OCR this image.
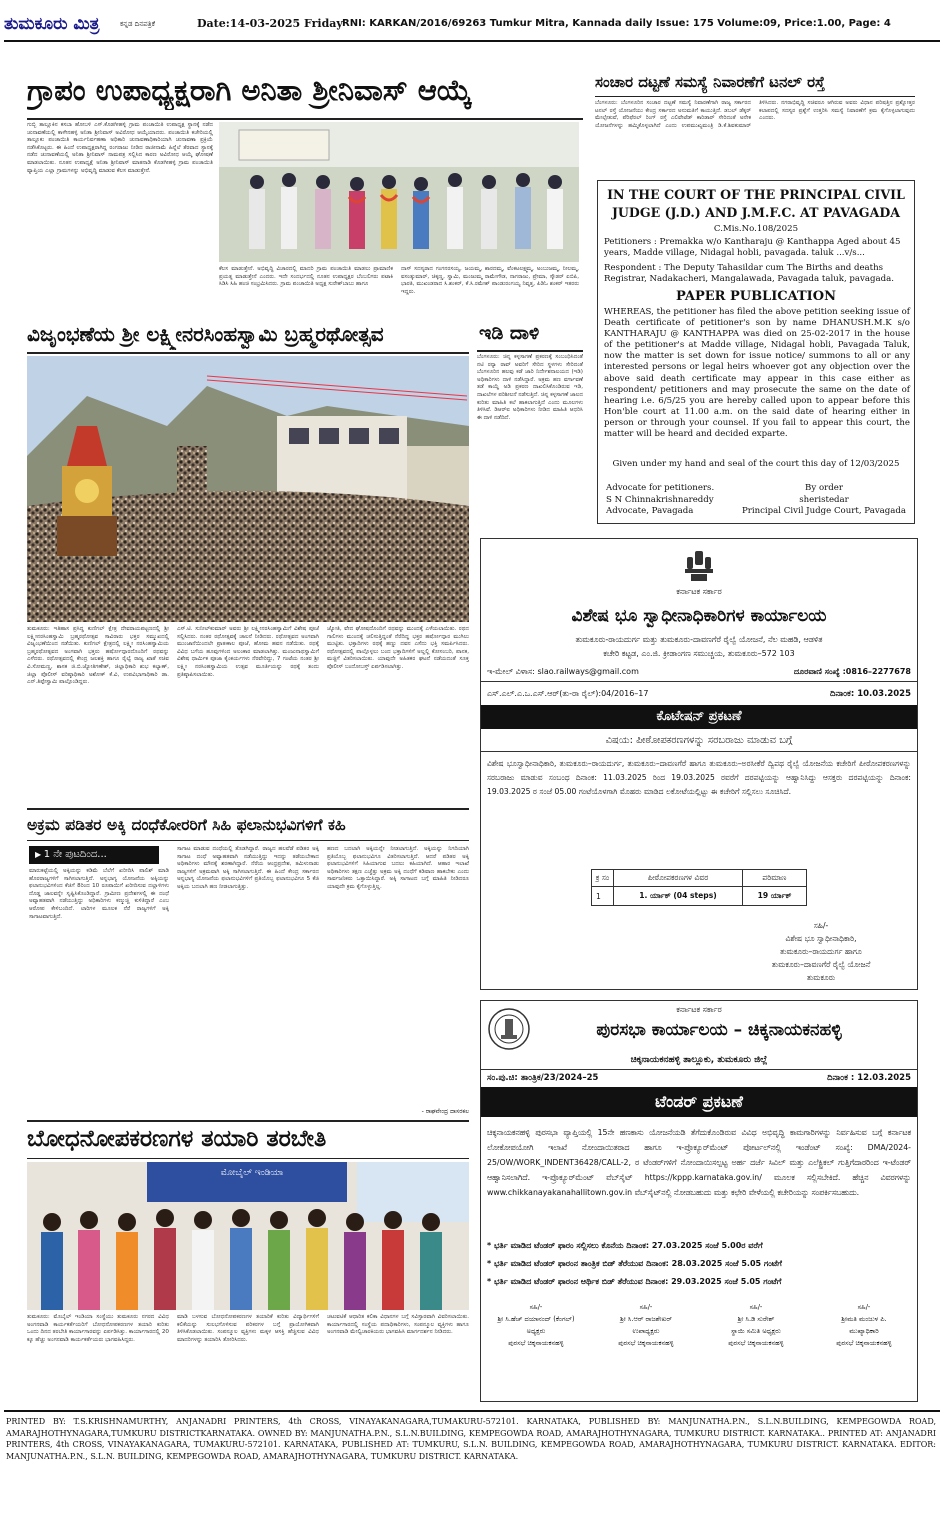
ತುಮಕೂರು ಮಿತ್ರ	ಕನ್ನಡ ದಿನಪತ್ರಿಕೆ	Date:14-03-2025 Friday RNI: KARKAN/2016/69263 Tumkur Mitra, Kannada daily Issue: 175 Volume:09, Price:1.00, Page: 4
ಗ್ರಾಪಂ ಉಪಾಧ್ಯಕ್ಷರಾಗಿ ಅನಿತಾ ಶ್ರೀನಿವಾಸ್ ಆಯ್ಕೆ
ಗುಬ್ಬಿ ತಾಲ್ಲೂಕಿನ ಕಸಬಾ ಹೋಬಳಿ ಎಸ್.ಕೊಡಗೀಹಳ್ಳಿ ಗ್ರಾಮ ಪಂಚಾಯಿತಿ ಉಪಾಧ್ಯಕ್ಷ ಸ್ಥಾನಕ್ಕೆ ನಡೆದ ಚುನಾವಣೆಯಲ್ಲಿ ಕಾಳೇನಹಳ್ಳಿ ಅನಿತಾ ಶ್ರೀನಿವಾಸ್ ಅವಿರೋಧ ಆಯ್ಕೆಯಾದರು. ಪಂಚಾಯಿತಿ ಕಚೇರಿಯಲ್ಲಿ ತಾಲ್ಲೂಕು ಪಂಚಾಯಿತಿ ಕಾರ್ಯನಿರ್ವಹಣಾ ಅಧಿಕಾರಿ ಚುನಾವಣಾಧಿಕಾರಿಯಾಗಿ ಚುನಾವಣಾ ಪ್ರಕ್ರಿಯೆ ನಡೆಸಿಕೊಟ್ಟರು. ಈ ಹಿಂದೆ ಉಪಾಧ್ಯಕ್ಷರಾಗಿದ್ದ ರಂಗರಾಜು ನೀಡಿದ ರಾಜೀನಾಮೆ ಹಿನ್ನೆಲೆ ತೆರವಾದ ಸ್ಥಾನಕ್ಕೆ ನಡೆದ ಚುನಾವಣೆಯಲ್ಲಿ ಅನಿತಾ ಶ್ರೀನಿವಾಸ್ ನಾಮಪತ್ರ ಸಲ್ಲಿಸಿದ ಕಾರಣ ಅವಿರೋಧ ಆಯ್ಕೆ ಘೋಷಣೆ ಮಾಡಲಾಯಿತು. ನೂತನ ಉಪಾಧ್ಯಕ್ಷೆ ಅನಿತಾ ಶ್ರೀನಿವಾಸ್ ಮಾತನಾಡಿ ಕೊಡಗೀಹಳ್ಳಿ ಗ್ರಾಮ ಪಂಚಾಯಿತಿ ವ್ಯಾಪ್ತಿಯ ಎಲ್ಲಾ ಗ್ರಾಮಗಳನ್ನು ಅಭಿವೃದ್ಧಿ ಮಾಡುವ ಕೆಲಸ ಮಾಡುತ್ತೇನೆ.
ಕೆಲಸ ಮಾಡುತ್ತೇನೆ. ಅಭಿವೃದ್ಧಿ ವಿಚಾರದಲ್ಲಿ ಮಾದರಿ ಗ್ರಾಮ ಪಂಚಾಯಿತಿ ಮಾಡಲು ಪ್ರಾಮಾಣಿಕ ಪ್ರಯತ್ನ ಮಾಡುತ್ತೇನೆ ಎಂದರು. ಇದೇ ಸಂದರ್ಭದಲ್ಲಿ ನೂತನ ಉಪಾಧ್ಯಕ್ಷರ ಬೆಂಬಲಿಗರು ಪಟಾಕಿ ಸಿಡಿಸಿ ಸಿಹಿ ಹಂಚಿ ಸಂಭ್ರಮಿಸಿದರು. ಗ್ರಾಮ ಪಂಚಾಯಿತಿ ಅಧ್ಯಕ್ಷ ಸುರೇಶ್‌ಬಾಬು ಹಾಗೂ
ದಾಸ್ ಸದಸ್ಯರಾದ ಗಂಗನರಸಯ್ಯ, ಜಯಮ್ಮ, ಶಾರದಮ್ಮ, ವೆಂಕಟಲಕ್ಷ್ಮಮ್ಮ, ಅಂಬುಜಮ್ಮ, ನೀಲಮ್ಮ, ವಸಂತ್ಕುಮಾರ್, ಚಿಕ್ಕಣ್ಣ, ಸ್ವಾಮಿ, ಮಂಜುಮ್ಮ ರಾಮೇಗೌಡ, ನಾಗರಾಜು, ಪ್ರೇಮಾ, ಸ್ಕೌಡರ್ ಏಬಿಪಿ, ಭಾರತಿ, ಮುಖಂಡರಾದ ಸಿ.ಶಂಕರ್, ಕೆ.ಸಿ.ರಮೇಶ್ ಪಾಂಡುರಂಗಯ್ಯ ನಿವೃತ್ತ, ಪಿಡಿಓ ಶಂಕರ್ ಇತರರು ಇದ್ದರು.
ಸಂಚಾರ ದಟ್ಟಣೆ ಸಮಸ್ಯೆ ನಿವಾರಣೆಗೆ ಟನಲ್ ರಸ್ತೆ
ಬೆಂಗಳೂರು: ಬೆಂಗಳೂರಿನ ಸಂಚಾರ ದಟ್ಟಣೆ ಸಮಸ್ಯೆ ನಿವಾರಣೆಗಾಗಿ ರಾಜ್ಯ ಸರ್ಕಾರದ ಟನಲ್ ರಸ್ತೆ ಯೋಜನೆಯು ಕೇಂದ್ರ ಸರ್ಕಾರದ ಅನುಮತಿಗೆ ಕಾಯುತ್ತಿದೆ. ಡಬಲ್ ಡೆಕ್ಕರ್ ಮೇಲ್ಸೇತುವೆ, ಪೆರಿಫೆರಲ್ ರಿಂಗ್ ರಸ್ತೆ ಎಲಿವೇಟೆಡ್ ಕಾರಿಡಾರ್ ಸೇರಿದಂತೆ ಅನೇಕ ಯೋಜನೆಗಳನ್ನು ಹಮ್ಮಿಕೊಳ್ಳಲಾಗಿದೆ ಎಂದು ಉಪಮುಖ್ಯಮಂತ್ರಿ ಡಿ.ಕೆ.ಶಿವಕುಮಾರ್ ತಿಳಿಸಿದರು. ನಗರಾಭಿವೃದ್ಧಿ ಸಚಿವರೂ ಆಗಿರುವ ಅವರು ವಿಧಾನ ಪರಿಷತ್ತಿನ ಪ್ರಶ್ನೋತ್ತರ ಕಲಾಪದಲ್ಲಿ ಸದಸ್ಯರ ಪ್ರಶ್ನೆಗೆ ಉತ್ತರಿಸಿ ಸಮಸ್ಯೆ ನಿವಾರಣೆಗೆ ಕ್ರಮ ಕೈಗೊಳ್ಳಲಾಗುವುದು ಎಂದರು.
IN THE COURT OF THE PRINCIPAL CIVIL
JUDGE (J.D.) AND J.M.F.C. AT PAVAGADA
C.Mis.No.108/2025
Petitioners : Premakka w/o Kantharaju @ Kanthappa Aged about 45 years, Madde village, Nidagal hobli, pavagada. taluk ...v/s...
Respondent : The Deputy Tahasildar cum The Births and deaths Registrar, Nadakacheri, Mangalawada, Pavagada taluk, pavagada.
PAPER PUBLICATION
WHEREAS, the petitioner has filed the above petition seeking issue of Death certificate of petitioner's son by name DHANUSH.M.K s/o KANTHARAJU @ KANTHAPPA was died on 25-02-2017 in the house of the petitioner's at Madde village, Nidagal hobli, Pavagada Taluk, now the matter is set down for issue notice/ summons to all or any interested persons or legal heirs whoever got any objection over the above said death certificate may appear in this case either as respondent/ petitioners and may prosecute the same on the date of hearing i.e. 6/5/25 you are hereby called upon to appear before this Hon'ble court at 11.00 a.m. on the said date of hearing either in person or through your counsel. If you fail to appear this court, the matter will be heard and decided exparte.
Given under my hand and seal of the court this day of 12/03/2025
Advocate for petitioners.
S N Chinnakrishnareddy
Advocate, Pavagada
By order
sheristedar
Principal Civil Judge Court, Pavagada
ವಿಜೃಂಭಣೆಯ ಶ್ರೀ ಲಕ್ಷ್ಮೀನರಸಿಂಹಸ್ವಾಮಿ ಬ್ರಹ್ಮರಥೋತ್ಸವ
ತುಮಕೂರು: ಇತಿಹಾಸ ಪ್ರಸಿದ್ಧ ಕುಣಿಗಲ್ ಕ್ಷೇತ್ರ ದೇವರಾಯಪಟ್ಟಣದಲ್ಲಿ ಶ್ರೀ ಲಕ್ಷ್ಮೀನರಸಿಂಹಸ್ವಾಮಿ ಬ್ರಹ್ಮರಥೋತ್ಸವ ಸಾವಿರಾರು ಭಕ್ತರ ಸಮ್ಮುಖದಲ್ಲಿ ವಿಜೃಂಭಣೆಯಿಂದ ನಡೆಯಿತು. ಕುಣಿಗಲ್ ಕ್ಷೇತ್ರದಲ್ಲಿ ಲಕ್ಷ್ಮೀ ನರಸಿಂಹಸ್ವಾಮಿಯ ಬ್ರಹ್ಮರಥೋತ್ಸವದ ಅಂಗವಾಗಿ ಭಕ್ತರು ಹರ್ಷೋದ್ಗಾರದೊಂದಿಗೆ ರಥವನ್ನು ಎಳೆದರು. ರಥೋತ್ಸವದಲ್ಲಿ ಕೇಂದ್ರ ಜಲಶಕ್ತಿ ಹಾಗೂ ರೈಲ್ವೆ ರಾಜ್ಯ ಖಾತೆ ಸಚಿವ ವಿ.ಸೋಮಣ್ಣ, ಶಾಸಕ ಜಿ.ಬಿ.ಜ್ಯೋತಿಗಣೇಶ್, ಜಿಲ್ಲಾಧಿಕಾರಿ ಶುಭ ಕಲ್ಯಾಣ್, ಜಿಲ್ಲಾ ಪೊಲೀಸ್ ವರಿಷ್ಠಾಧಿಕಾರಿ ಅಶೋಕ್ ಕೆ.ವಿ, ಉಪವಿಭಾಗಾಧಿಕಾರಿ ಡಾ. ಎನ್.ತಿಪ್ಪೇಸ್ವಾಮಿ ಪಾಲ್ಗೊಂಡಿದ್ದರು.
ಎಸ್.ಟಿ. ಸುನೀಲ್‌ಕುಮಾರ್ ಅವರು ಶ್ರೀ ಲಕ್ಷ್ಮೀನರಸಿಂಹಸ್ವಾಮಿಗೆ ವಿಶೇಷ ಪೂಜೆ ಸಲ್ಲಿಸಿದರು. ನಂತರ ರಥೋತ್ಸವಕ್ಕೆ ಚಾಲನೆ ನೀಡಿದರು. ರಥೋತ್ಸವದ ಅಂಗವಾಗಿ ಮುಂಜಾನೆಯಿಂದಲೇ ಪ್ರಾತಃಕಾಲ ಪೂಜೆ, ಹೋಮ ಹವನ ನಡೆಯಿತು. ರಥಕ್ಕೆ ವಿವಿಧ ಬಗೆಯ ಹೂವುಗಳಿಂದ ಅಲಂಕಾರ ಮಾಡಲಾಗಿತ್ತು. ಮಂಜುನಾಥಸ್ವಾಮಿಗೆ ವಿಶೇಷ ಧಾರ್ಮಿಕ ಪೂಜಾ ಕೈಂಕರ್ಯಗಳು ನೆರವೇರಿದ್ದು, 7 ಗಂಟೆಯ ನಂತರ ಶ್ರೀ ಲಕ್ಷ್ಮೀ ನರಸಿಂಹಸ್ವಾಮಿಯ ಉತ್ಸವ ಮೂರ್ತಿಯನ್ನು ರಥಕ್ಕೆ ತಂದು ಪ್ರತಿಷ್ಠಾಪಿಸಲಾಯಿತು.
ಜ್ಯೋತಿ, ವೇದ ಘೋಷದೊಂದಿಗೆ ರಥವನ್ನು ಮುಂದಕ್ಕೆ ಎಳೆಯಲಾಯಿತು. ರಥದ ಗಾಲಿಗಳು ಮುಂದಕ್ಕೆ ಚಲಿಸುತ್ತಿದ್ದಂತೆ ನೆರೆದಿದ್ದ ಭಕ್ತರ ಹರ್ಷೋದ್ಗಾರ ಮುಗಿಲು ಮುಟ್ಟಿತು. ಭಕ್ತಾದಿಗಳು ರಥಕ್ಕೆ ಹಣ್ಣು ದವನ ಎಸೆದು ಭಕ್ತಿ ಸಮರ್ಪಿಸಿದರು. ರಥೋತ್ಸವದಲ್ಲಿ ಪಾಲ್ಗೊಳ್ಳಲು ಬಂದ ಭಕ್ತಾದಿಗಳಿಗೆ ಅಲ್ಲಲ್ಲಿ ಕೋಸಂಬರಿ, ಪಾನಕ, ಮಜ್ಜಿಗೆ ವಿತರಿಸಲಾಯಿತು. ಯಾವುದೇ ಅಹಿತಕರ ಘಟನೆ ನಡೆಯದಂತೆ ಸೂಕ್ತ ಪೊಲೀಸ್ ಬಂದೋಬಸ್ತ್ ಏರ್ಪಡಿಸಲಾಗಿತ್ತು.
ಇಡಿ ದಾಳಿ
ಬೆಂಗಳೂರು: ಚಿನ್ನ ಕಳ್ಳಸಾಗಣೆ ಪ್ರಕರಣಕ್ಕೆ ಸಂಬಂಧಿಸಿದಂತೆ ನಟಿ ರನ್ಯಾ ರಾವ್ ಅವರಿಗೆ ಸೇರಿದ ಸ್ಥಳಗಳು ಸೇರಿದಂತೆ ಬೆಂಗಳೂರಿನ ಹಲವು ಕಡೆ ಜಾರಿ ನಿರ್ದೇಶನಾಲಯದ (ಇಡಿ) ಅಧಿಕಾರಿಗಳು ದಾಳಿ ನಡೆಸಿದ್ದಾರೆ. ಅಕ್ರಮ ಹಣ ವರ್ಗಾವಣೆ ತಡೆ ಕಾಯ್ದೆ ಅಡಿ ಪ್ರಕರಣ ದಾಖಲಿಸಿಕೊಂಡಿರುವ ಇಡಿ, ದಾಖಲೆಗಳ ಪರಿಶೀಲನೆ ನಡೆಸುತ್ತಿದೆ. ಚಿನ್ನ ಕಳ್ಳಸಾಗಣೆ ಜಾಲದ ಕುರಿತು ಮಾಹಿತಿ ಕಲೆ ಹಾಕಲಾಗುತ್ತಿದೆ ಎಂದು ಮೂಲಗಳು ತಿಳಿಸಿವೆ. ಡಿಆರ್‌ಐ ಅಧಿಕಾರಿಗಳು ನೀಡಿದ ಮಾಹಿತಿ ಆಧರಿಸಿ ಈ ದಾಳಿ ನಡೆದಿದೆ.
ಅಕ್ರಮ ಪಡಿತರ ಅಕ್ಕಿ ದಂಧೆಕೋರರಿಗೆ ಸಿಹಿ ಫಲಾನುಭವಿಗಳಿಗೆ ಕಹಿ
▶ 1 ನೇ ಪುಟದಿಂದ...
ಮಾರುಕಟ್ಟೆಯಲ್ಲಿ ಅಕ್ಕಿಯನ್ನು ಕಡಿಮೆ ಬೆಲೆಗೆ ಖರೀದಿಸಿ ಪಾಲಿಶ್ ಮಾಡಿ ಹೊರರಾಜ್ಯಗಳಿಗೆ ಸಾಗಿಸಲಾಗುತ್ತಿದೆ. ಅನ್ನಭಾಗ್ಯ ಯೋಜನೆಯ ಅಕ್ಕಿಯನ್ನು ಫಲಾನುಭವಿಗಳಿಂದ ಕೆಜಿಗೆ 8ರಿಂದ 10 ರೂಪಾಯಿಗೆ ಖರೀದಿಸುವ ದಲ್ಲಾಳಿಗಳು ದೊಡ್ಡ ಜಾಲವನ್ನೇ ಸೃಷ್ಟಿಸಿಕೊಂಡಿದ್ದಾರೆ. ಗ್ರಾಮೀಣ ಪ್ರದೇಶಗಳಲ್ಲಿ ಈ ದಂಧೆ ಅವ್ಯಾಹತವಾಗಿ ನಡೆಯುತ್ತಿದ್ದು ಅಧಿಕಾರಿಗಳು ಕಣ್ಮುಚ್ಚಿ ಕುಳಿತಿದ್ದಾರೆ ಎಂಬ ಆರೋಪ ಕೇಳಿಬಂದಿದೆ. ಲಾರಿಗಳ ಮೂಲಕ ನೆರೆ ರಾಜ್ಯಗಳಿಗೆ ಅಕ್ಕಿ ಸಾಗಾಟವಾಗುತ್ತಿದೆ.
ಸಾಗಾಟ ಮಾಡುವ ದಂಧೆಯಲ್ಲಿ ತೊಡಗಿದ್ದಾರೆ. ರಾಜ್ಯದ ಹಲವೆಡೆ ಪಡಿತರ ಅಕ್ಕಿ ಸಾಗಾಟ ದಂಧೆ ಅವ್ಯಾಹತವಾಗಿ ನಡೆಯುತ್ತಿದ್ದು ಇದನ್ನು ತಡೆಯಬೇಕಾದ ಅಧಿಕಾರಿಗಳು ಮೌನಕ್ಕೆ ಶರಣಾಗಿದ್ದಾರೆ. ನೆರೆಯ ಆಂಧ್ರಪ್ರದೇಶ, ತಮಿಳುನಾಡು ರಾಜ್ಯಗಳಿಗೆ ಅಕ್ರಮವಾಗಿ ಅಕ್ಕಿ ಸಾಗಿಸಲಾಗುತ್ತಿದೆ. ಈ ಹಿಂದೆ ಕೇಂದ್ರ ಸರ್ಕಾರದ ಅನ್ನಭಾಗ್ಯ ಯೋಜನೆಯ ಫಲಾನುಭವಿಗಳಿಗೆ ಪ್ರತಿಯೊಬ್ಬ ಫಲಾನುಭವಿಗೂ 5 ಕೆಜಿ ಅಕ್ಕಿಯ ಬದಲಾಗಿ ಹಣ ನೀಡಲಾಗುತ್ತಿತ್ತು.
ಹಣದ ಬದಲಾಗಿ ಅಕ್ಕಿಯನ್ನೇ ನೀಡಲಾಗುತ್ತಿದೆ. ಅಕ್ಕಿಯನ್ನು ನಿಗದಿಯಾಗಿ ಪ್ರತಿಯೊಬ್ಬ ಫಲಾನುಭವಿಗೂ ವಿತರಿಸಲಾಗುತ್ತಿದೆ. ಆದರೆ ಪಡಿತರ ಅಕ್ಕಿ ಫಲಾನುಭವಿಗಳಿಗೆ ಸಿಹಿಯಾಗುವ ಬದಲು ಕಹಿಯಾಗಿದೆ. ಆಹಾರ ಇಲಾಖೆ ಅಧಿಕಾರಿಗಳು ತಕ್ಷಣ ಎಚ್ಚೆತ್ತು ಅಕ್ರಮ ಅಕ್ಕಿ ದಂಧೆಗೆ ಕಡಿವಾಣ ಹಾಕಬೇಕು ಎಂದು ಸಾರ್ವಜನಿಕರು ಒತ್ತಾಯಿಸಿದ್ದಾರೆ. ಅಕ್ಕಿ ಸಾಗಾಟದ ಬಗ್ಗೆ ಮಾಹಿತಿ ನೀಡಿದರೂ ಯಾವುದೇ ಕ್ರಮ ಕೈಗೊಳ್ಳುತ್ತಿಲ್ಲ.
- ರಾಘವೇಂದ್ರ ದಾಸರಕಲ
ಬೋಧನೋಪಕರಣಗಳ ತಯಾರಿ ತರಬೇತಿ
ಮೋಬೈಲ್ ಇಂಡಿಯಾ
ತುಮಕೂರು: ಮೊಬೈಲ್ ಇಂಡಿಯಾ ಸಂಸ್ಥೆಯು ತುಮಕೂರು ನಗರದ ವಿವಿಧ ಅಂಗನವಾಡಿ ಕಾರ್ಯಕರ್ತೆಯರಿಗೆ ಬೋಧನೋಪಕರಣಗಳ ತಯಾರಿ ಕುರಿತು ಒಂದು ದಿನದ ತರಬೇತಿ ಕಾರ್ಯಾಗಾರವನ್ನು ಏರ್ಪಡಿಸಿತ್ತು. ಕಾರ್ಯಾಗಾರದಲ್ಲಿ 20 ಕ್ಕೂ ಹೆಚ್ಚು ಅಂಗನವಾಡಿ ಕಾರ್ಯಕರ್ತೆಯರು ಭಾಗವಹಿಸಿದ್ದರು.
ಮಾಡಿ ಬಳಸುವ ಬೋಧನೋಪಕರಣಗಳ ತಯಾರಿಕೆ ಕುರಿತು ವಿದ್ಯಾರ್ಥಿಗಳಿಗೆ ಕಲಿಕೆಯನ್ನು ಸುಲಭಗೊಳಿಸುವ ಪರಿಕರಗಳ ಬಗ್ಗೆ ಪ್ರಾಯೋಗಿಕವಾಗಿ ತಿಳಿಸಿಕೊಡಲಾಯಿತು. ಸಂಪನ್ಮೂಲ ವ್ಯಕ್ತಿಗಳು ಮಕ್ಕಳ ಆಸಕ್ತಿ ಹೆಚ್ಚಿಸುವ ವಿವಿಧ ಮಾದರಿಗಳನ್ನು ತಯಾರಿಸಿ ತೋರಿಸಿದರು.
ಚಟುವಟಿಕೆ ಆಧಾರಿತ ಕಲಿಕಾ ವಿಧಾನಗಳ ಬಗ್ಗೆ ಸವಿಸ್ತಾರವಾಗಿ ವಿವರಿಸಲಾಯಿತು. ಕಾರ್ಯಾಗಾರದಲ್ಲಿ ಸಂಸ್ಥೆಯ ಪದಾಧಿಕಾರಿಗಳು, ಸಂಪನ್ಮೂಲ ವ್ಯಕ್ತಿಗಳು ಹಾಗೂ ಅಂಗನವಾಡಿ ಮೇಲ್ವಿಚಾರಕಿಯರು ಭಾಗವಹಿಸಿ ಮಾರ್ಗದರ್ಶನ ನೀಡಿದರು.
ಕರ್ನಾಟಕ ಸರ್ಕಾರ
ವಿಶೇಷ ಭೂ ಸ್ವಾಧೀನಾಧಿಕಾರಿಗಳ ಕಾರ್ಯಾಲಯ
ತುಮಕೂರು-ರಾಯದುರ್ಗ ಮತ್ತು ತುಮಕೂರು-ದಾವಣಗೆರೆ ರೈಲ್ವೆ ಯೋಜನೆ, ನೆಲ ಮಹಡಿ, ಆಡಳಿತ
ಕಚೇರಿ ಕಟ್ಟಡ, ಎಂ.ಜಿ. ಕ್ರೀಡಾಂಗಣ ಸಮುಚ್ಚಯ, ತುಮಕೂರು–572 103
ಇ-ಮೇಲ್ ವಿಳಾಸ: slao.railways@gmail.com	ದೂರವಾಣಿ ಸಂಖ್ಯೆ :0816–2277678
ಎಸ್.ಎಲ್.ಎ.ಒ.ಎಸ್.ಆರ್(ತು-ರಾ ರೈಲ್):04/2016–17	ದಿನಾಂಕ: 10.03.2025
ಕೊಟೇಷನ್ ಪ್ರಕಟಣೆ
ವಿಷಯ: ಪೀಠೋಪಕರಣಗಳನ್ನು ಸರಬರಾಜು ಮಾಡುವ ಬಗ್ಗೆ
ವಿಶೇಷ ಭೂಸ್ವಾಧೀನಾಧಿಕಾರಿ, ತುಮಕೂರು–ರಾಯದುರ್ಗ, ತುಮಕೂರು–ದಾವಣಗೆರೆ ಹಾಗೂ ತುಮಕೂರು–ಅರಸೀಕೆರೆ ದ್ವಿಪಥ ರೈಲ್ವೆ ಯೋಜನೆಯ ಕಚೇರಿಗೆ ಪೀಠೋಪಕರಣಗಳನ್ನು ಸರಬರಾಜು ಮಾಡುವ ಸಂಬಂಧ ದಿನಾಂಕ: 11.03.2025 ರಿಂದ 19.03.2025 ರವರೆಗೆ ದರಪಟ್ಟಿಯನ್ನು ಆಹ್ವಾನಿಸಿದ್ದು ಆಸಕ್ತರು ದರಪಟ್ಟಿಯನ್ನು ದಿನಾಂಕ: 19.03.2025 ರ ಸಂಜೆ 05.00 ಗಂಟೆಯೊಳಗಾಗಿ ಮೊಹರು ಮಾಡಿದ ಲಕೋಟೆಯಲ್ಲಿಟ್ಟು ಈ ಕಚೇರಿಗೆ ಸಲ್ಲಿಸಲು ಸೂಚಿಸಿದೆ.
ಕ್ರ ಸಂ	ಪೀಠೋಪಕರಣಗಳ ವಿವರ	ಪರಿಮಾಣ
1	1. ರ್ಯಾಕ್ (04 steps)	19 ರ್ಯಾಕ್
ಸಹಿ/-
ವಿಶೇಷ ಭೂ ಸ್ವಾಧೀನಾಧಿಕಾರಿ,
ತುಮಕೂರು–ರಾಯದುರ್ಗ ಹಾಗೂ
ತುಮಕೂರು–ದಾವಣಗೆರೆ ರೈಲ್ವೆ ಯೋಜನೆ
ತುಮಕೂರು
ಕರ್ನಾಟಕ ಸರ್ಕಾರ
ಪುರಸಭಾ ಕಾರ್ಯಾಲಯ – ಚಿಕ್ಕನಾಯಕನಹಳ್ಳಿ
ಚಿಕ್ಕನಾಯಕನಹಳ್ಳಿ ತಾಲ್ಲೂಕು, ತುಮಕೂರು ಜಿಲ್ಲೆ
ಸಂ.ಪು.ಚಿ: ತಾಂತ್ರಿಕ/23/2024–25	ದಿನಾಂಕ : 12.03.2025
ಟೆಂಡರ್ ಪ್ರಕಟಣೆ
ಚಿಕ್ಕನಾಯಕನಹಳ್ಳಿ ಪುರಸಭಾ ವ್ಯಾಪ್ತಿಯಲ್ಲಿ 15ನೇ ಹಣಕಾಸು ಯೋಜನೆಯಡಿ ತೆಗೆದುಕೊಂಡಿರುವ ವಿವಿಧ ಅಭಿವೃದ್ಧಿ ಕಾಮಗಾರಿಗಳನ್ನು ನಿರ್ವಹಿಸುವ ಬಗ್ಗೆ ಕರ್ನಾಟಕ ಲೋಕೋಪಯೋಗಿ ಇಲಾಖೆ ನೋಂದಾಯಿತರಾದ ಹಾಗೂ ಇ-ಪ್ರೊಕ್ಯೂರ್‌ಮೆಂಟ್ ಪೋರ್ಟಲ್‌ನಲ್ಲಿ ಇಂಡೆಂಟ್ ಸಂಖ್ಯೆ: DMA/2024-25/OW/WORK_INDENT36428/CALL-2, ರ ಟೆಂಡರ್‌ಗಳಿಗೆ ನೋಂದಾಯಿಸಲ್ಪಟ್ಟ ಅರ್ಹ ದರ್ಜೆ ಸಿವಿಲ್ ಮತ್ತು ಎಲೆಕ್ಟ್ರಿಕಲ್ ಗುತ್ತಿಗೆದಾರರಿಂದ ಇ-ಟೆಂಡರ್ ಆಹ್ವಾನಿಸಲಾಗಿದೆ. ಇ-ಪ್ರೊಕ್ಯೂರ್‌ಮೆಂಟ್ ವೆಬ್‌ಸೈಟ್ https://kppp.karnataka.gov.in/ ಮೂಲಕ ಸಲ್ಲಿಸಬೇಕಿದೆ. ಹೆಚ್ಚಿನ ವಿವರಗಳನ್ನು www.chikkanayakanahallitown.gov.in ವೆಬ್‌ಸೈಟ್‌ನಲ್ಲಿ ನೋಡಬಹುದು ಮತ್ತು ಕಛೇರಿ ವೇಳೆಯಲ್ಲಿ ಕಚೇರಿಯನ್ನು ಸಂಪರ್ಕಿಸಬಹುದು.
* ಭರ್ತಿ ಮಾಡಿದ ಟೆಂಡರ್ ಫಾರಂ ಸಲ್ಲಿಸಲು ಕೊನೆಯ ದಿನಾಂಕ: 27.03.2025 ಸಂಜೆ 5.00ರ ವರೆಗೆ
* ಭರ್ತಿ ಮಾಡಿದ ಟೆಂಡರ್ ಫಾರಂನ ತಾಂತ್ರಿಕ ಬಿಡ್ ತೆರೆಯುವ ದಿನಾಂಕ: 28.03.2025 ಸಂಜೆ 5.05 ಗಂಟೆಗೆ
* ಭರ್ತಿ ಮಾಡಿದ ಟೆಂಡರ್ ಫಾರಂನ ಆರ್ಥಿಕ ಬಿಡ್ ತೆರೆಯುವ ದಿನಾಂಕ: 29.03.2025 ಸಂಜೆ 5.05 ಗಂಟೆಗೆ
ಸಹಿ/-
ಶ್ರೀ ಸಿ.ಹೆಚ್ ದಯಾನಂದ್ (ಕೆಂಗಲ್)
ಅಧ್ಯಕ್ಷರು
ಪುರಸಭೆ ಚಿಕ್ಕನಾಯಕನಹಳ್ಳಿ
ಸಹಿ/-
ಶ್ರೀ ಸಿ.ಆರ್ ರಾಜಶೇಖರ್
ಉಪಾಧ್ಯಕ್ಷರು
ಪುರಸಭೆ ಚಿಕ್ಕನಾಯಕನಹಳ್ಳಿ
ಸಹಿ/-
ಶ್ರೀ ಸಿ.ಡಿ ಸುರೇಶ್
ಸ್ಥಾಯಿ ಸಮಿತಿ ಅಧ್ಯಕ್ಷರು
ಪುರಸಭೆ ಚಿಕ್ಕನಾಯಕನಹಳ್ಳಿ
ಸಹಿ/-
ಶ್ರೀಮತಿ ಮಂಜುಳ ಪಿ.
ಮುಖ್ಯಾಧಿಕಾರಿ
ಪುರಸಭೆ ಚಿಕ್ಕನಾಯಕನಹಳ್ಳಿ
PRINTED BY: T.S.KRISHNAMURTHY, ANJANADRI PRINTERS, 4th CROSS, VINAYAKANAGARA,TUMAKURU-572101. KARNATAKA, PUBLISHED BY: MANJUNATHA.P.N., S.L.N.BUILDING, KEMPEGOWDA ROAD, AMARAJHOTHYNAGARA,TUMKURU DISTRICTKARNATAKA. OWNED BY: MANJUNATHA.P.N., S.L.N.BUILDING, KEMPEGOWDA ROAD, AMARAJHOTHYNAGARA, TUMKURU DISTRICT. KARNATAKA.. PRINTED AT: ANJANADRI PRINTERS, 4th CROSS, VINAYAKANAGARA, TUMAKURU-572101. KARNATAKA, PUBLISHED AT: TUMKURU, S.L.N. BUILDING, KEMPEGOWDA ROAD, AMARAJHOTHYNAGARA, TUMKURU DISTRICT. KARNATAKA. EDITOR: MANJUNATHA.P.N., S.L.N. BUILDING, KEMPEGOWDA ROAD, AMARAJHOTHYNAGARA, TUMKURU DISTRICT. KARNATAKA.
